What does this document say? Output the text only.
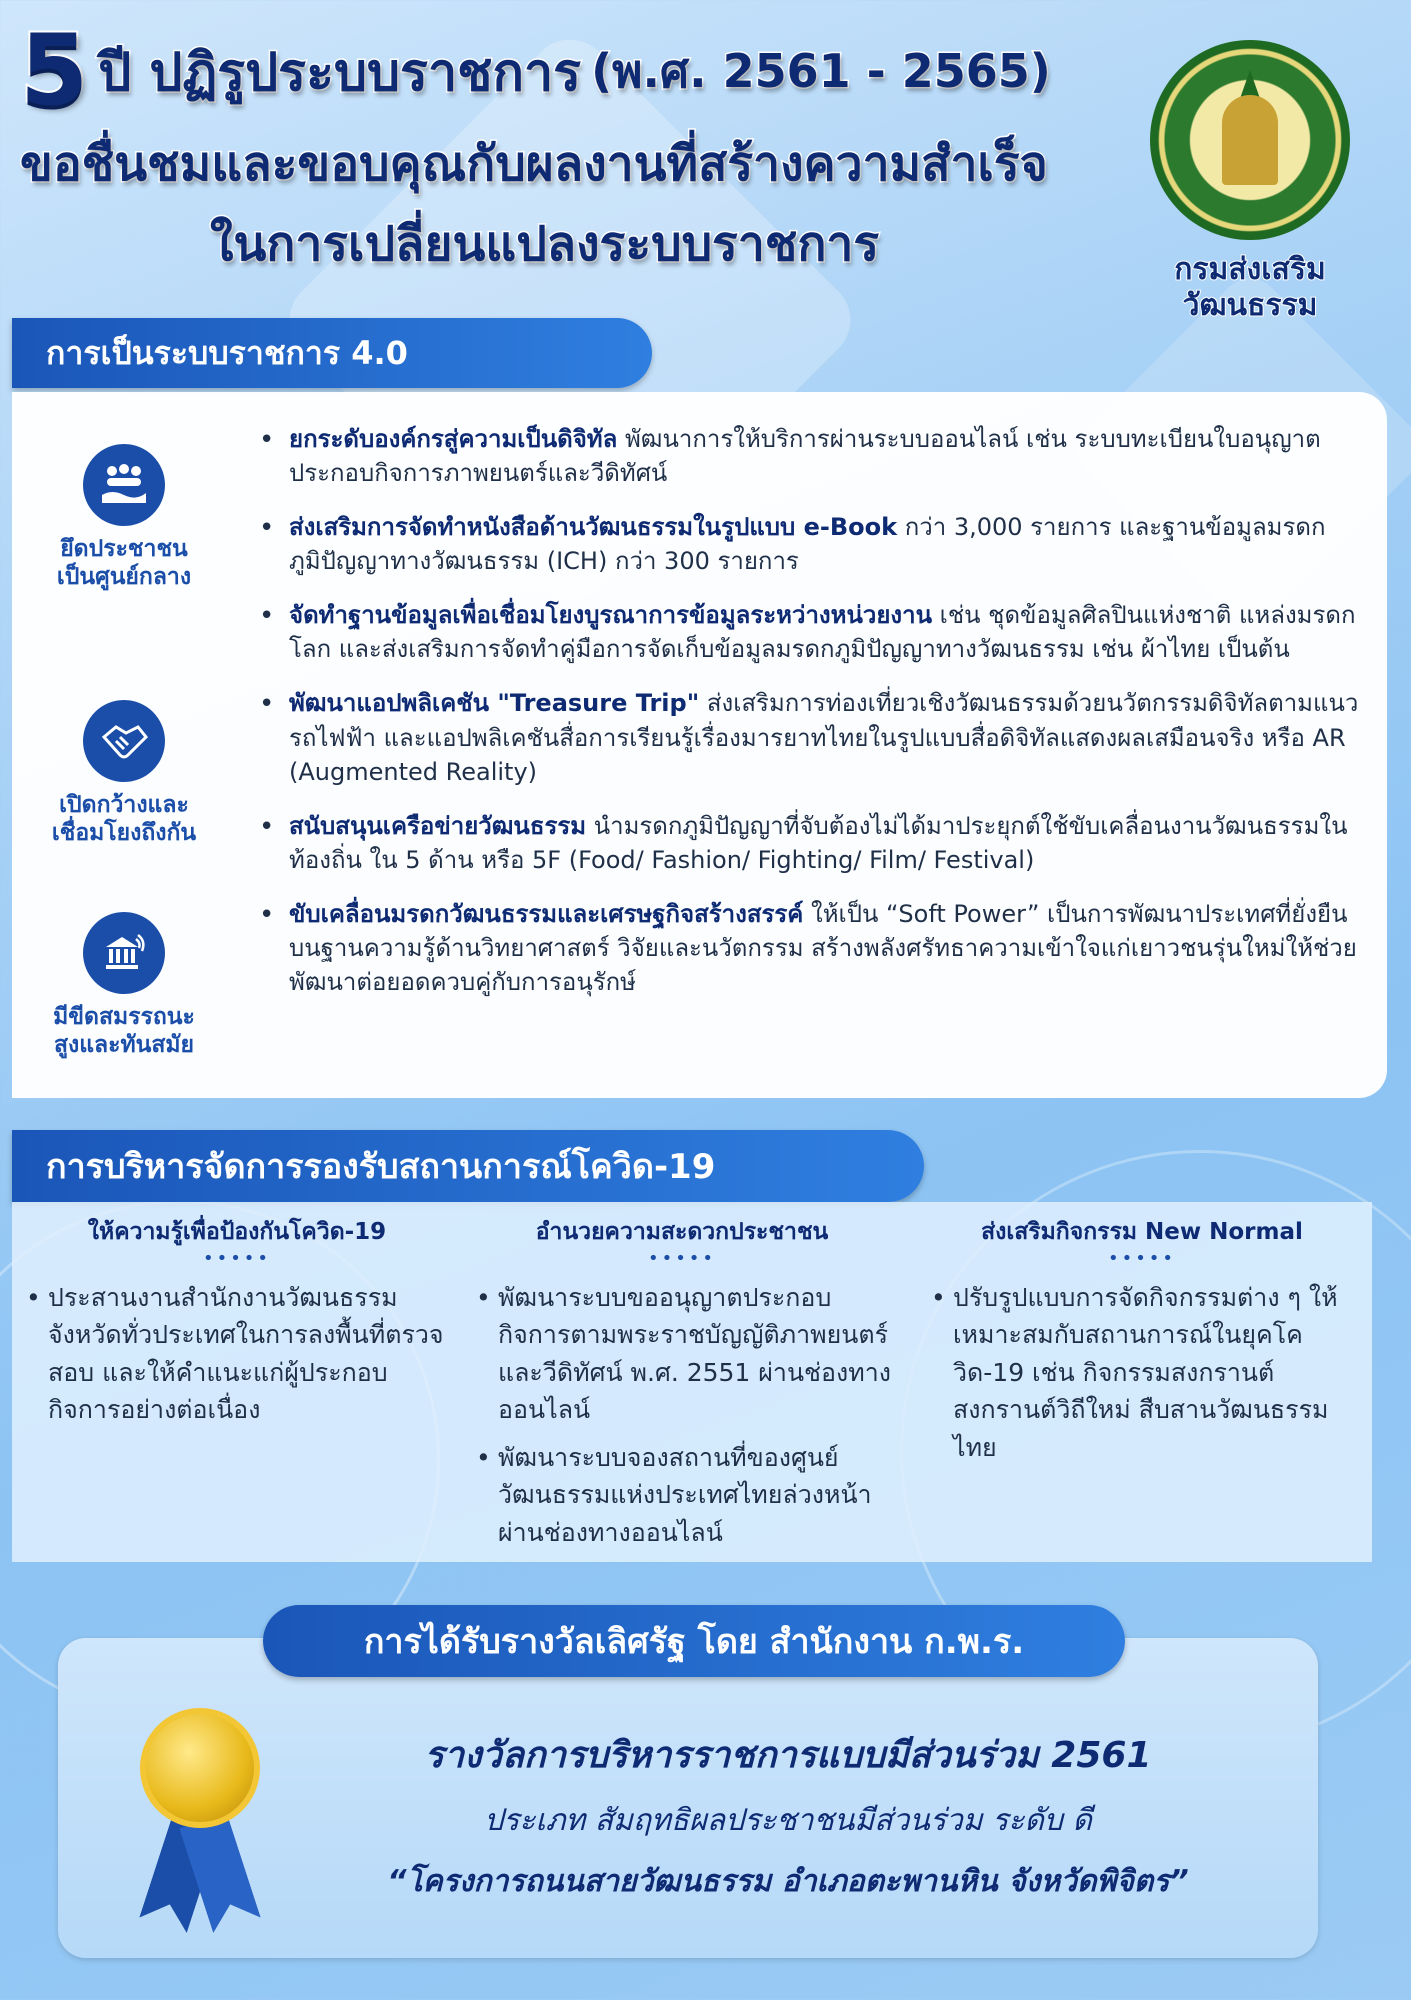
5 ปี ปฏิรูประบบราชการ (พ.ศ. 2561 - 2565)
ขอชื่นชมและขอบคุณกับผลงานที่สร้างความสำเร็จ
ในการเปลี่ยนแปลงระบบราชการ	กรมส่งเสริม
วัฒนธรรม
การเป็นระบบราชการ 4.0
ยึดประชาชน
เป็นศูนย์กลาง
เปิดกว้างและ
เชื่อมโยงถึงกัน
มีขีดสมรรถนะ
สูงและทันสมัย
• ยกระดับองค์กรสู่ความเป็นดิจิทัล พัฒนาการให้บริการผ่านระบบออนไลน์ เช่น ระบบทะเบียนใบอนุญาตประกอบกิจการภาพยนตร์และวีดิทัศน์
• ส่งเสริมการจัดทำหนังสือด้านวัฒนธรรมในรูปแบบ e-Book กว่า 3,000 รายการ และฐานข้อมูลมรดกภูมิปัญญาทางวัฒนธรรม (ICH) กว่า 300 รายการ
• จัดทำฐานข้อมูลเพื่อเชื่อมโยงบูรณาการข้อมูลระหว่างหน่วยงาน เช่น ชุดข้อมูลศิลปินแห่งชาติ แหล่งมรดกโลก และส่งเสริมการจัดทำคู่มือการจัดเก็บข้อมูลมรดกภูมิปัญญาทางวัฒนธรรม เช่น ผ้าไทย เป็นต้น
• พัฒนาแอปพลิเคชัน "Treasure Trip" ส่งเสริมการท่องเที่ยวเชิงวัฒนธรรมด้วยนวัตกรรมดิจิทัลตามแนวรถไฟฟ้า และแอปพลิเคชันสื่อการเรียนรู้เรื่องมารยาทไทยในรูปแบบสื่อดิจิทัลแสดงผลเสมือนจริง หรือ AR (Augmented Reality)
• สนับสนุนเครือข่ายวัฒนธรรม นำมรดกภูมิปัญญาที่จับต้องไม่ได้มาประยุกต์ใช้ขับเคลื่อนงานวัฒนธรรมในท้องถิ่น ใน 5 ด้าน หรือ 5F (Food/ Fashion/ Fighting/ Film/ Festival)
• ขับเคลื่อนมรดกวัฒนธรรมและเศรษฐกิจสร้างสรรค์ ให้เป็น “Soft Power” เป็นการพัฒนาประเทศที่ยั่งยืนบนฐานความรู้ด้านวิทยาศาสตร์ วิจัยและนวัตกรรม สร้างพลังศรัทธาความเข้าใจแก่เยาวชนรุ่นใหม่ให้ช่วยพัฒนาต่อยอดควบคู่กับการอนุรักษ์
การบริหารจัดการรองรับสถานการณ์โควิด-19
ให้ความรู้เพื่อป้องกันโควิด-19
•••••
• ประสานงานสำนักงานวัฒนธรรมจังหวัดทั่วประเทศในการลงพื้นที่ตรวจสอบ และให้คำแนะแก่ผู้ประกอบกิจการอย่างต่อเนื่อง
อำนวยความสะดวกประชาชน
•••••
• พัฒนาระบบขออนุญาตประกอบกิจการตามพระราชบัญญัติภาพยนตร์และวีดิทัศน์ พ.ศ. 2551 ผ่านช่องทางออนไลน์
• พัฒนาระบบจองสถานที่ของศูนย์วัฒนธรรมแห่งประเทศไทยล่วงหน้าผ่านช่องทางออนไลน์
ส่งเสริมกิจกรรม New Normal
•••••
• ปรับรูปแบบการจัดกิจกรรมต่าง ๆ ให้เหมาะสมกับสถานการณ์ในยุคโควิด-19 เช่น กิจกรรมสงกรานต์ สงกรานต์วิถีใหม่ สืบสานวัฒนธรรมไทย
รางวัลการบริหารราชการแบบมีส่วนร่วม 2561
ประเภท สัมฤทธิผลประชาชนมีส่วนร่วม ระดับ ดี
“โครงการถนนสายวัฒนธรรม อำเภอตะพานหิน จังหวัดพิจิตร”
การได้รับรางวัลเลิศรัฐ โดย สำนักงาน ก.พ.ร.
